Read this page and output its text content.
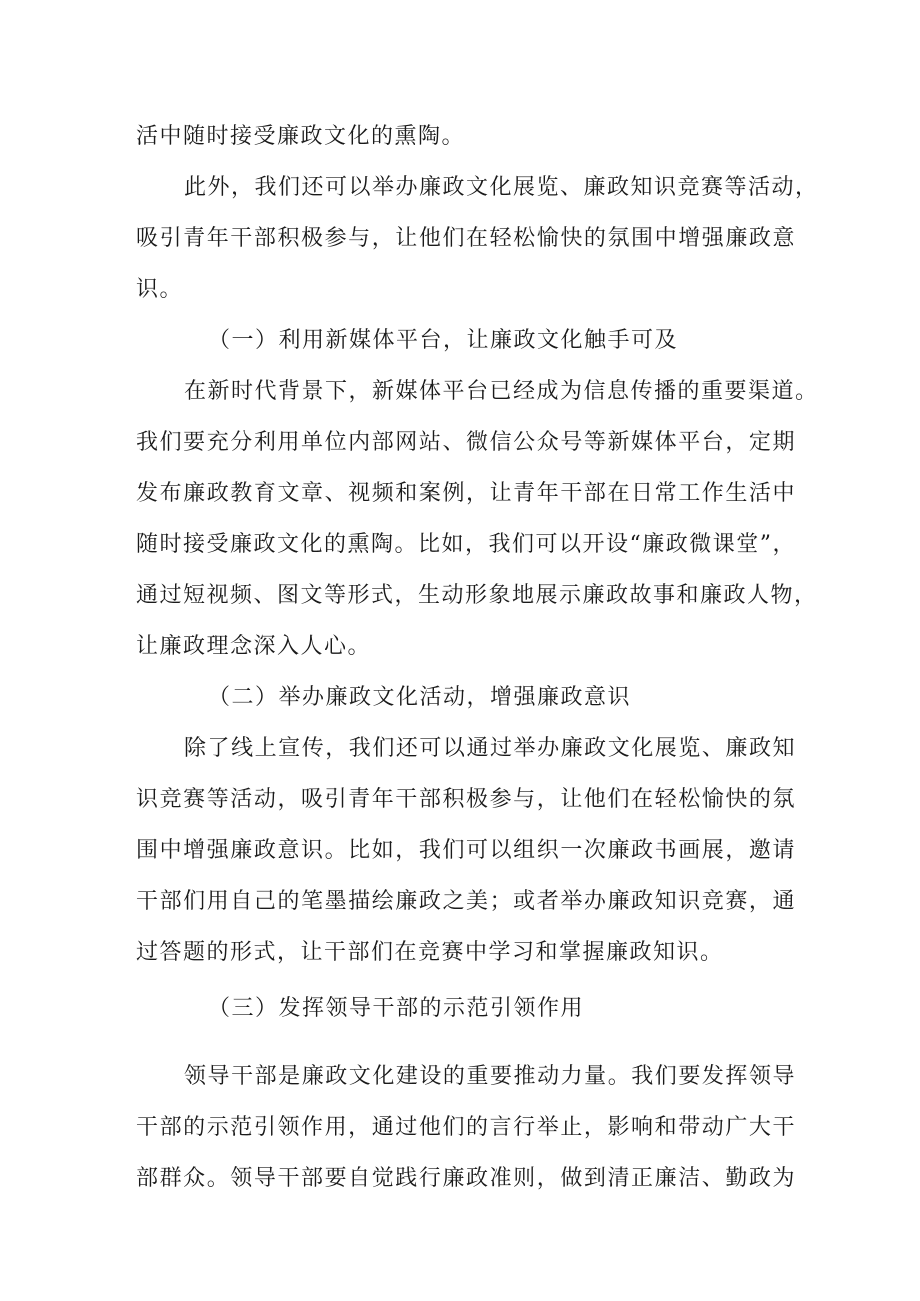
活中随时接受廉政文化的熏陶。
此外，我们还可以举办廉政文化展览、廉政知识竞赛等活动，
吸引青年干部积极参与，让他们在轻松愉快的氛围中增强廉政意
识。
（一）利用新媒体平台，让廉政文化触手可及
在新时代背景下，新媒体平台已经成为信息传播的重要渠道。
我们要充分利用单位内部网站、微信公众号等新媒体平台，定期
发布廉政教育文章、视频和案例，让青年干部在日常工作生活中
随时接受廉政文化的熏陶。比如，我们可以开设“廉政微课堂”，
通过短视频、图文等形式，生动形象地展示廉政故事和廉政人物，
让廉政理念深入人心。
（二）举办廉政文化活动，增强廉政意识
除了线上宣传，我们还可以通过举办廉政文化展览、廉政知
识竞赛等活动，吸引青年干部积极参与，让他们在轻松愉快的氛
围中增强廉政意识。比如，我们可以组织一次廉政书画展，邀请
干部们用自己的笔墨描绘廉政之美；或者举办廉政知识竞赛，通
过答题的形式，让干部们在竞赛中学习和掌握廉政知识。
（三）发挥领导干部的示范引领作用
领导干部是廉政文化建设的重要推动力量。我们要发挥领导
干部的示范引领作用，通过他们的言行举止，影响和带动广大干
部群众。领导干部要自觉践行廉政准则，做到清正廉洁、勤政为
